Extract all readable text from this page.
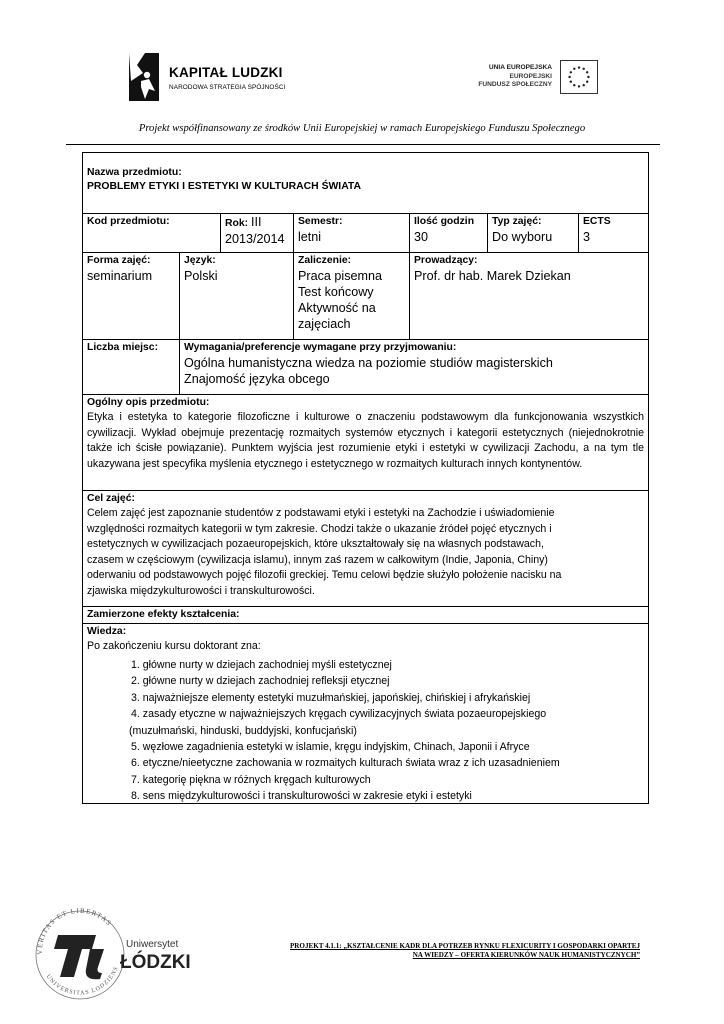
KAPITAŁ LUDZKI
NARODOWA STRATEGIA SPÓJNOŚCI
UNIA EUROPEJSKA
EUROPEJSKI
FUNDUSZ SPOŁECZNY
Projekt współfinansowany ze środków Unii Europejskiej w ramach Europejskiego Funduszu Społecznego
Nazwa przedmiotu:
PROBLEMY ETYKI I ESTETYKI W KULTURACH ŚWIATA
Kod przedmiotu:	Rok: III
2013/2014
Semestr:
letni
Ilość godzin
30
Typ zajęć:
Do wyboru
ECTS
3
Forma zajęć:
seminarium
Język:
Polski
Zaliczenie:
Praca pisemna
Test końcowy
Aktywność na
zajęciach
Prowadzący:
Prof. dr hab. Marek Dziekan
Liczba miejsc:	Wymagania/preferencje wymagane przy przyjmowaniu:
Ogólna humanistyczna wiedza na poziomie studiów magisterskich
Znajomość języka obcego
Ogólny opis przedmiotu:
Etyka i estetyka to kategorie filozoficzne i kulturowe o znaczeniu podstawowym dla funkcjonowania wszystkich cywilizacji. Wykład obejmuje prezentację rozmaitych systemów etycznych i kategorii estetycznych (niejednokrotnie także ich ścisłe powiązanie). Punktem wyjścia jest rozumienie etyki i estetyki w cywilizacji Zachodu, a na tym tle ukazywana jest specyfika myślenia etycznego i estetycznego w rozmaitych kulturach innych kontynentów.
Cel zajęć:
Celem zajęć jest zapoznanie studentów z podstawami etyki i estetyki na Zachodzie i uświadomienie
względności rozmaitych kategorii w tym zakresie. Chodzi także o ukazanie źródeł pojęć etycznych i
estetycznych w cywilizacjach pozaeuropejskich, które ukształtowały się na własnych podstawach,
czasem w częściowym (cywilizacja islamu), innym zaś razem w całkowitym (Indie, Japonia, Chiny)
oderwaniu od podstawowych pojęć filozofii greckiej. Temu celowi będzie służyło położenie nacisku na
zjawiska międzykulturowości i transkulturowości.
Zamierzone efekty kształcenia:
Wiedza:
Po zakończeniu kursu doktorant zna:
1. główne nurty w dziejach zachodniej myśli estetycznej
2. główne nurty w dziejach zachodniej refleksji etycznej
3. najważniejsze elementy estetyki muzułmańskiej, japońskiej, chińskiej i afrykańskiej
4. zasady etyczne w najważniejszych kręgach cywilizacyjnych świata pozaeuropejskiego
(muzułmański, hinduski, buddyjski, konfucjański)
5. węzłowe zagadnienia estetyki w islamie, kręgu indyjskim, Chinach, Japonii i Afryce
6. etyczne/nieetyczne zachowania w rozmaitych kulturach świata wraz z ich uzasadnieniem
7. kategorię piękna w różnych kręgach kulturowych
8. sens międzykulturowości i transkulturowości w zakresie etyki i estetyki
VERITAS ET LIBERTAS
UNIVERSITAS LODZIENS
Uniwersytet
ŁÓDZKI
PROJEKT 4.1.1: „KSZTAŁCENIE KADR DLA POTRZEB RYNKU FLEXICURITY I GOSPODARKI OPARTEJ
NA WIEDZY – OFERTA KIERUNKÓW NAUK HUMANISTYCZNYCH”
